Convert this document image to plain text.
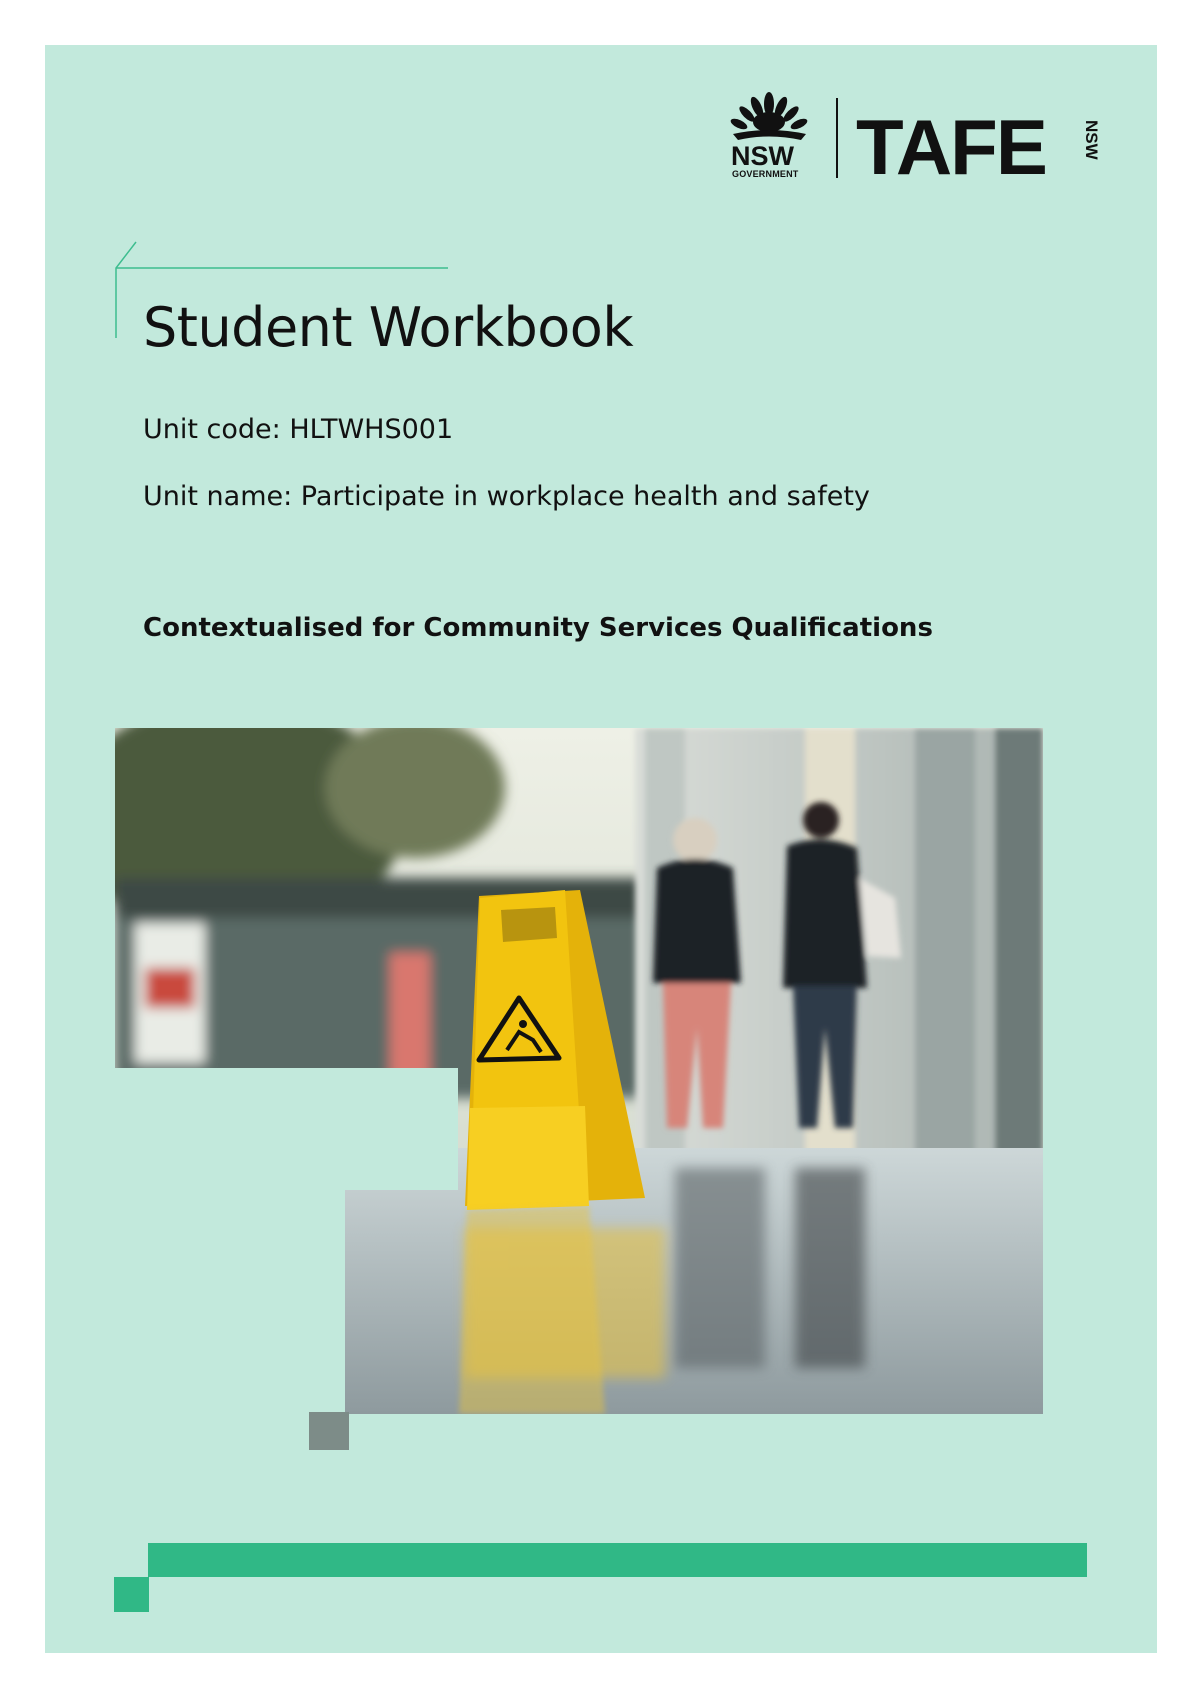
NSW
GOVERNMENT TAFE NSW
Student Workbook
Unit code: HLTWHS001
Unit name: Participate in workplace health and safety
Contextualised for Community Services Qualifications
